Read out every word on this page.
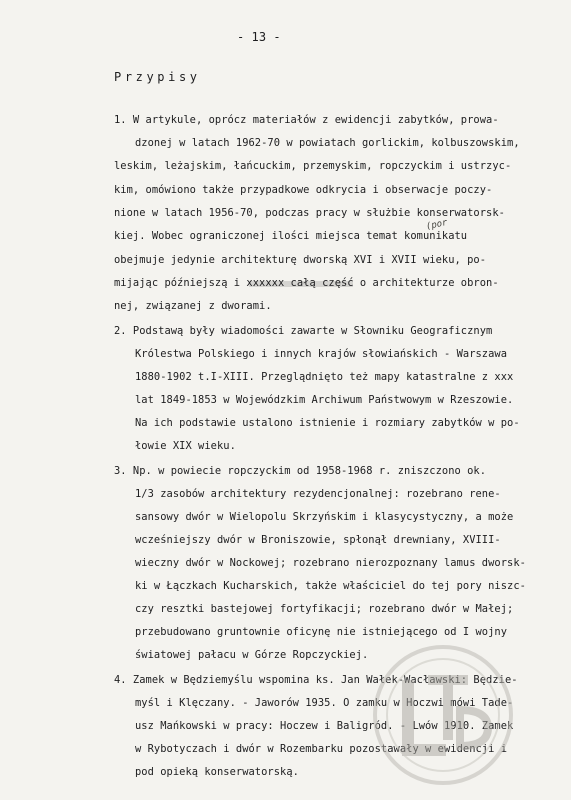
- 13 -
Przypisy
1. W artykule, oprócz materiałów z ewidencji zabytków, prowa-
dzonej w latach 1962-70 w powiatach gorlickim, kolbuszowskim,
leskim, leżajskim, łańcuckim, przemyskim, ropczyckim i ustrzyc-
kim, omówiono także przypadkowe odkrycia i obserwacje poczy-
nione w latach 1956-70, podczas pracy w służbie konserwatorsk-
kiej. Wobec ograniczonej ilości miejsca temat komunikatu
obejmuje jedynie architekturę dworską XVI i XVII wieku, po-
mijając późniejszą i xxxxxx całą część o architekturze obron-
nej, związanej z dworami.
2. Podstawą były wiadomości zawarte w Słowniku Geograficznym
Królestwa Polskiego i innych krajów słowiańskich - Warszawa
1880-1902 t.I-XIII. Przeglądnięto też mapy katastralne z xxx
lat 1849-1853 w Wojewódzkim Archiwum Państwowym w Rzeszowie.
Na ich podstawie ustalono istnienie i rozmiary zabytków w po-
łowie XIX wieku.
3. Np. w powiecie ropczyckim od 1958-1968 r. zniszczono ok.
1/3 zasobów architektury rezydencjonalnej: rozebrano rene-
sansowy dwór w Wielopolu Skrzyńskim i klasycystyczny, a może
wcześniejszy dwór w Broniszowie, spłonął drewniany, XVIII-
wieczny dwór w Nockowej; rozebrano nierozpoznany lamus dworsk-
ki w Łączkach Kucharskich, także właściciel do tej pory niszc-
czy resztki bastejowej fortyfikacji; rozebrano dwór w Małej;
przebudowano gruntownie oficynę nie istniejącego od I wojny
światowej pałacu w Górze Ropczyckiej.
4. Zamek w Będziemyślu wspomina ks. Jan Wałek-Wacławski: Będzie-
myśl i Klęczany. - Jaworów 1935. O zamku w Hoczwi mówi Tade-
usz Mańkowski w pracy: Hoczew i Baligród. - Lwów 1910. Zamek
w Rybotyczach i dwór w Rozembarku pozostawały w ewidencji i
pod opieką konserwatorską.
(por
